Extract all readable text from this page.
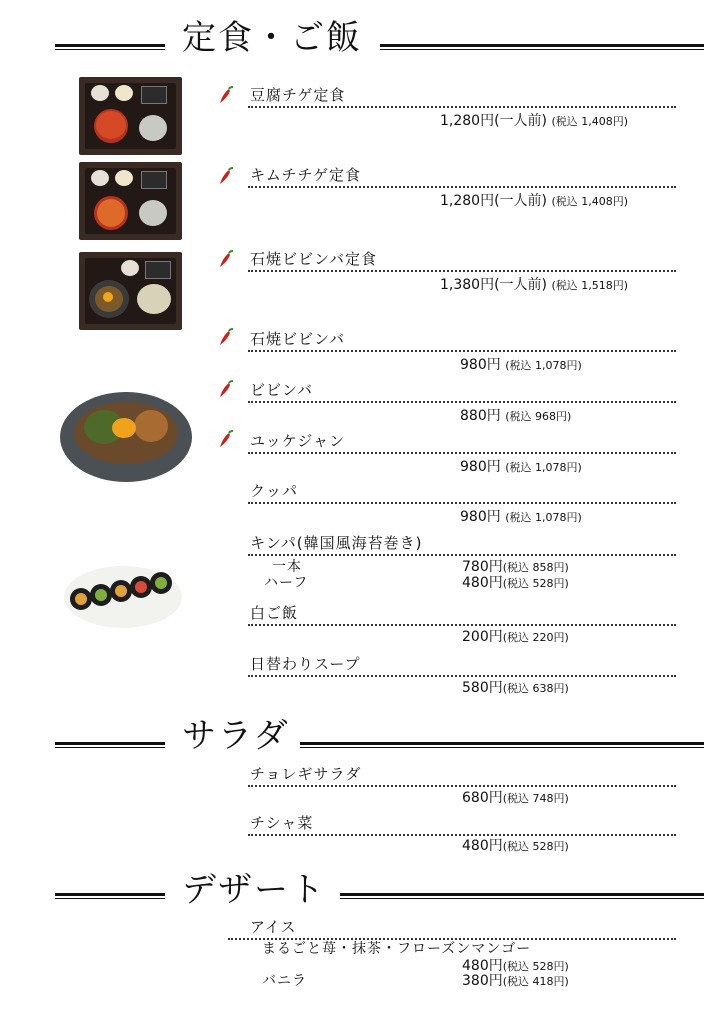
定食・ご飯
豆腐チゲ定食
1,280円(一人前) (税込 1,408円)
キムチチゲ定食
1,280円(一人前) (税込 1,408円)
石焼ビビンバ定食
1,380円(一人前) (税込 1,518円)
石焼ビビンバ
980円 (税込 1,078円)
ビビンバ
880円 (税込 968円)
ユッケジャン
980円 (税込 1,078円)
クッパ
980円 (税込 1,078円)
キンパ(韓国風海苔巻き)
一本	780円(税込 858円)
ハーフ	480円(税込 528円)
白ご飯
200円(税込 220円)
日替わりスープ
580円(税込 638円)
サラダ
チョレギサラダ
680円(税込 748円)
チシャ菜
480円(税込 528円)
デザート
アイス
まるごと苺・抹茶・フローズンマンゴー
480円(税込 528円)
バニラ	380円(税込 418円)
